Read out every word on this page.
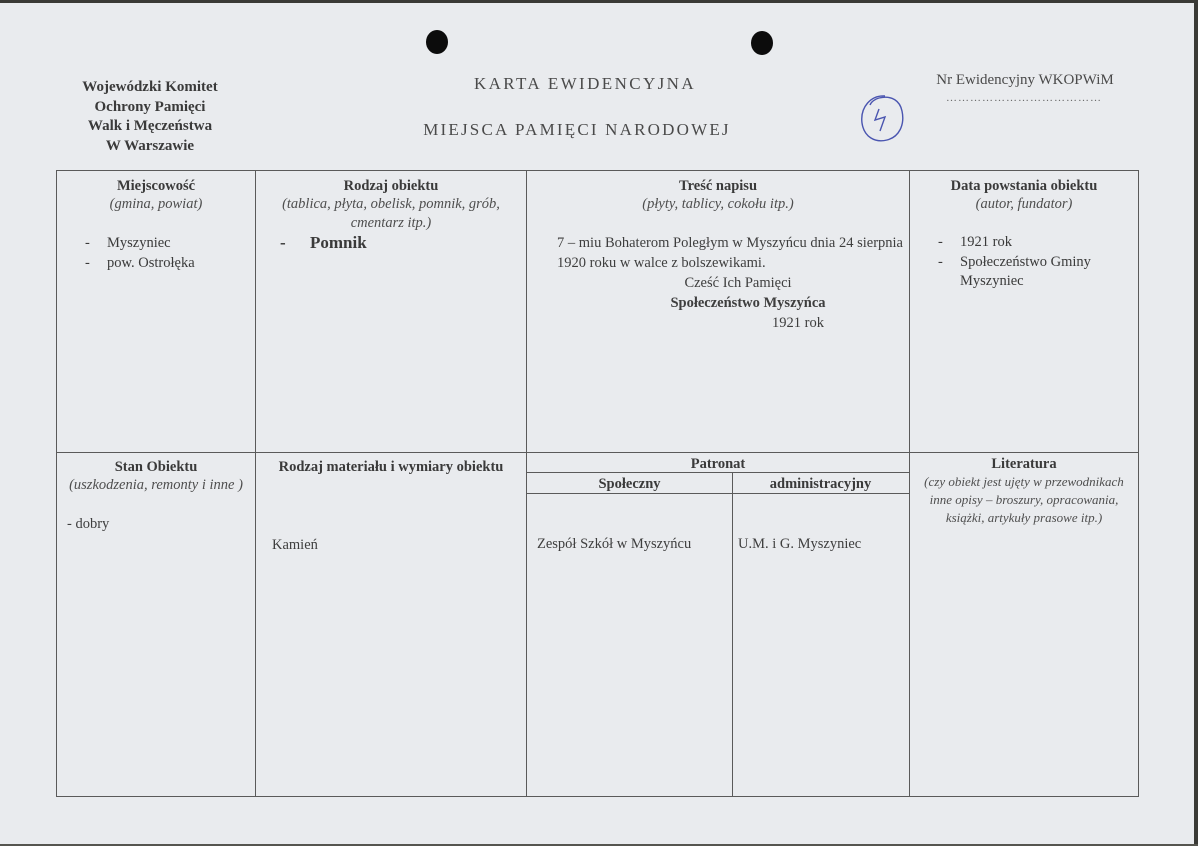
Wojewódzki Komitet
Ochrony Pamięci
Walk i Męczeństwa
W Warszawie
KARTA EWIDENCYJNA
MIEJSCA PAMIĘCI NARODOWEJ
Nr Ewidencyjny WKOPWiM
…………………………………
Miejscowość
(gmina, powiat)
- Myszyniec
- pow. Ostrołęka
Rodzaj obiektu
(tablica, płyta, obelisk, pomnik, grób, cmentarz itp.)
- Pomnik
Treść napisu
(płyty, tablicy, cokołu itp.)
7 – miu Bohaterom Poległym w Myszyńcu dnia 24 sierpnia 1920 roku w walce z bolszewikami.
Cześć Ich Pamięci
Społeczeństwo Myszyńca
1921 rok
Data powstania obiektu
(autor, fundator)
- 1921 rok
- Społeczeństwo Gminy Myszyniec
Stan Obiektu
(uszkodzenia, remonty i inne )
- dobry
Rodzaj materiału i wymiary obiektu
Kamień
Patronat
Społeczny
Zespół Szkół w Myszyńcu
administracyjny
U.M. i G. Myszyniec
Literatura
(czy obiekt jest ujęty w przewodnikach inne opisy – broszury, opracowania, książki, artykuły prasowe itp.)
